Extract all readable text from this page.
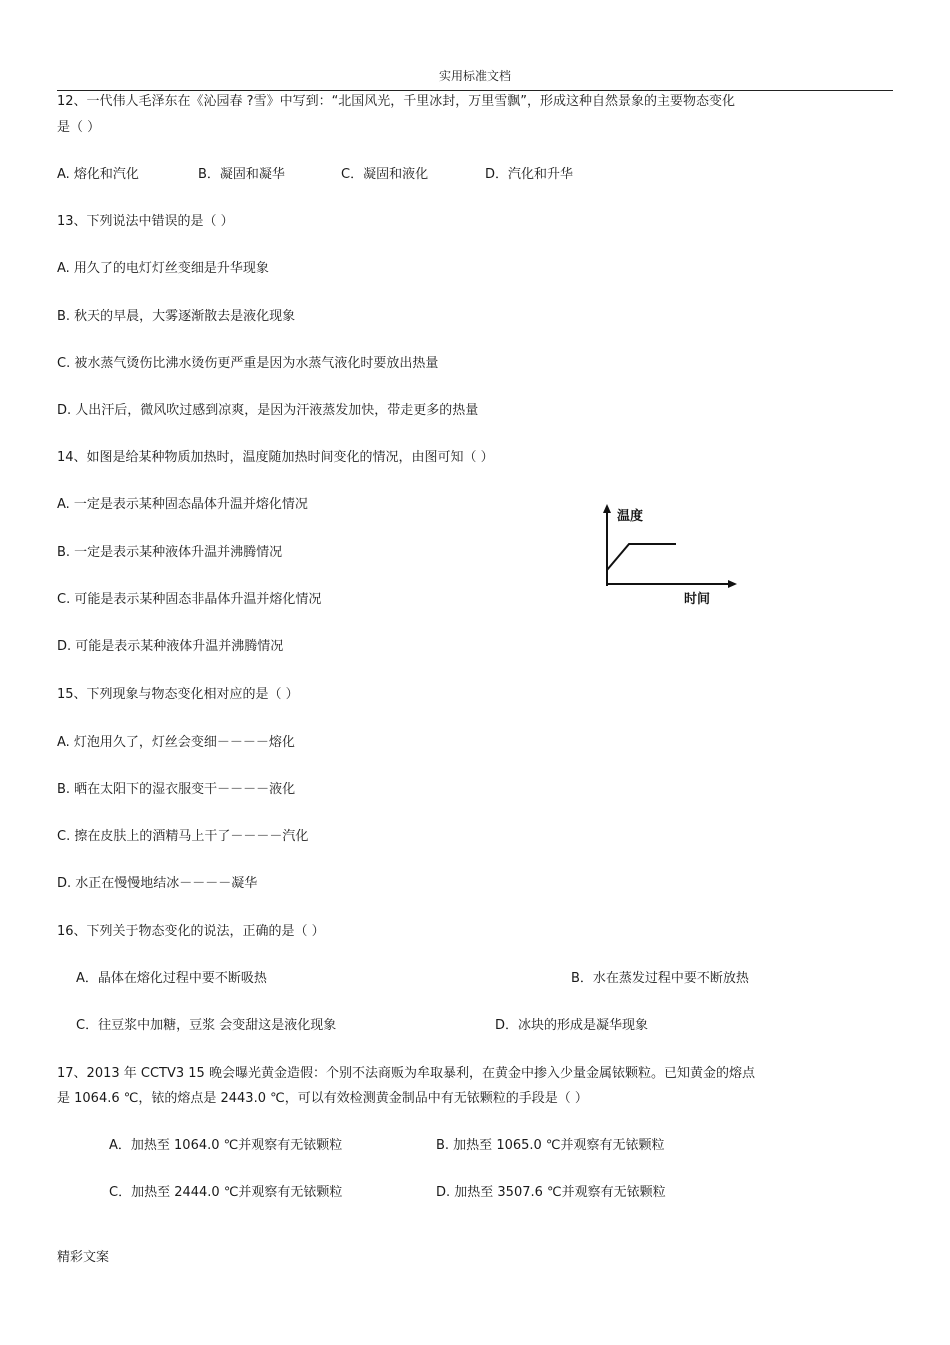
实用标准文档
12、一代伟人毛泽东在《沁园春 ?雪》中写到：“北国风光，千里冰封，万里雪飘”，形成这种自然景象的主要物态变化
是（ ）
A. 熔化和汽化	B．凝固和凝华	C．凝固和液化	D．汽化和升华
13、下列说法中错误的是（ ）
A. 用久了的电灯灯丝变细是升华现象
B. 秋天的早晨，大雾逐渐散去是液化现象
C. 被水蒸气烫伤比沸水烫伤更严重是因为水蒸气液化时要放出热量
D. 人出汗后，微风吹过感到凉爽，是因为汗液蒸发加快，带走更多的热量
14、如图是给某种物质加热时，温度随加热时间变化的情况，由图可知（ ）
A. 一定是表示某种固态晶体升温并熔化情况
B. 一定是表示某种液体升温并沸腾情况
C. 可能是表示某种固态非晶体升温并熔化情况
D. 可能是表示某种液体升温并沸腾情况
温度
时间
15、下列现象与物态变化相对应的是（ ）
A. 灯泡用久了，灯丝会变细－－－－熔化
B. 晒在太阳下的湿衣服变干－－－－液化
C. 擦在皮肤上的酒精马上干了－－－－汽化
D. 水正在慢慢地结冰－－－－凝华
16、下列关于物态变化的说法，正确的是（ ）
A．晶体在熔化过程中要不断吸热	B．水在蒸发过程中要不断放热
C．往豆浆中加糖，豆浆 会变甜这是液化现象	D．冰块的形成是凝华现象
17、2013 年 CCTV3 15 晚会曝光黄金造假：个别不法商贩为牟取暴利，在黄金中掺入少量金属铱颗粒。已知黄金的熔点
是 1064.6 ℃，铱的熔点是 2443.0 ℃，可以有效检测黄金制品中有无铱颗粒的手段是（ ）
A．加热至 1064.0 ℃并观察有无铱颗粒	B. 加热至 1065.0 ℃并观察有无铱颗粒
C．加热至 2444.0 ℃并观察有无铱颗粒	D. 加热至 3507.6 ℃并观察有无铱颗粒
精彩文案
